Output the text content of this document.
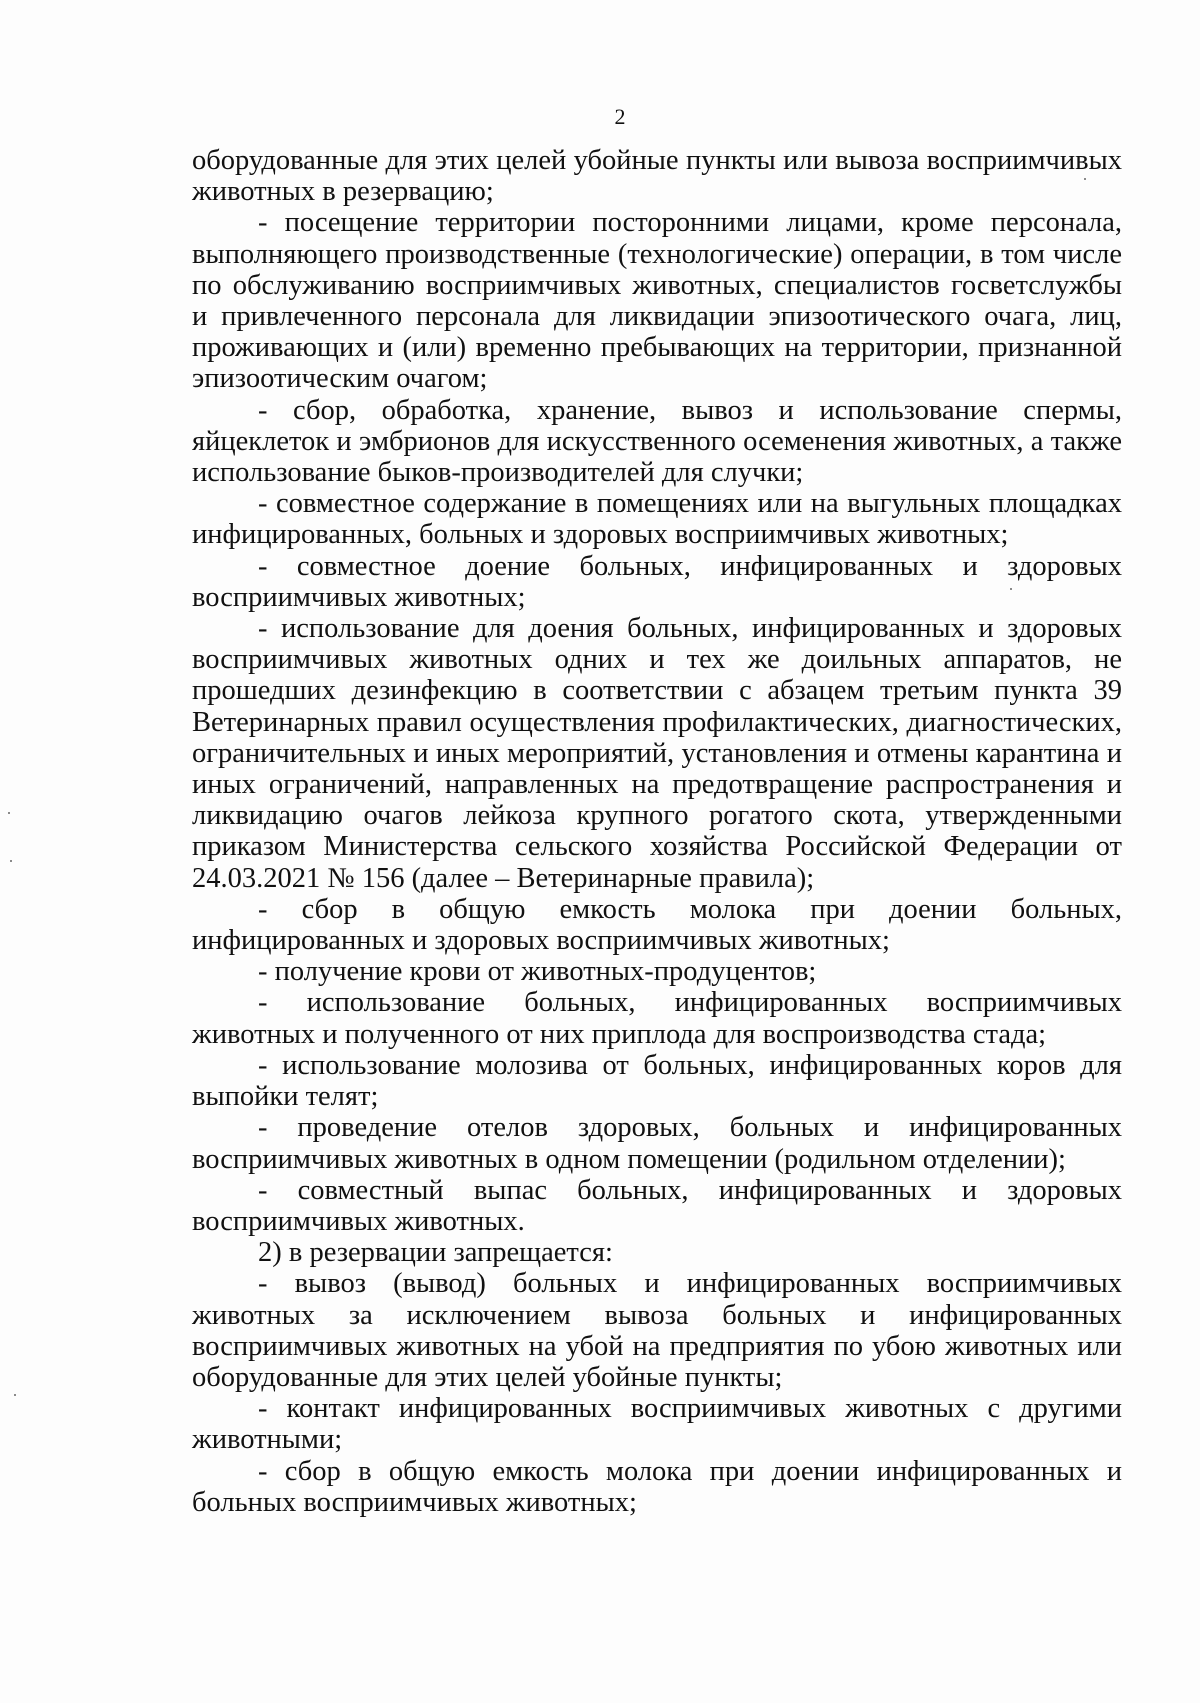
2

оборудованные для этих целей убойные пункты или вывоза восприимчивых животных в резервацию;

- посещение территории посторонними лицами, кроме персонала, выполняющего производственные (технологические) операции, в том числе по обслуживанию восприимчивых животных, специалистов госветслужбы и привлеченного персонала для ликвидации эпизоотического очага, лиц, проживающих и (или) временно пребывающих на территории, признанной эпизоотическим очагом;

- сбор, обработка, хранение, вывоз и использование спермы, яйцеклеток и эмбрионов для искусственного осеменения животных, а также использование быков-производителей для случки;

- совместное содержание в помещениях или на выгульных площадках инфицированных, больных и здоровых восприимчивых животных;

- совместное доение больных, инфицированных и здоровых восприимчивых животных;

- использование для доения больных, инфицированных и здоровых восприимчивых животных одних и тех же доильных аппаратов, не прошедших дезинфекцию в соответствии с абзацем третьим пункта 39 Ветеринарных правил осуществления профилактических, диагностических, ограничительных и иных мероприятий, установления и отмены карантина и иных ограничений, направленных на предотвращение распространения и ликвидацию очагов лейкоза крупного рогатого скота, утвержденными приказом Министерства сельского хозяйства Российской Федерации от 24.03.2021 № 156 (далее – Ветеринарные правила);

- сбор в общую емкость молока при доении больных, инфицированных и здоровых восприимчивых животных;

- получение крови от животных-продуцентов;

- использование больных, инфицированных восприимчивых животных и полученного от них приплода для воспроизводства стада;

- использование молозива от больных, инфицированных коров для выпойки телят;

- проведение отелов здоровых, больных и инфицированных восприимчивых животных в одном помещении (родильном отделении);

- совместный выпас больных, инфицированных и здоровых восприимчивых животных.

2) в резервации запрещается:

- вывоз (вывод) больных и инфицированных восприимчивых животных за исключением вывоза больных и инфицированных восприимчивых животных на убой на предприятия по убою животных или оборудованные для этих целей убойные пункты;

- контакт инфицированных восприимчивых животных с другими животными;

- сбор в общую емкость молока при доении инфицированных и больных восприимчивых животных;
